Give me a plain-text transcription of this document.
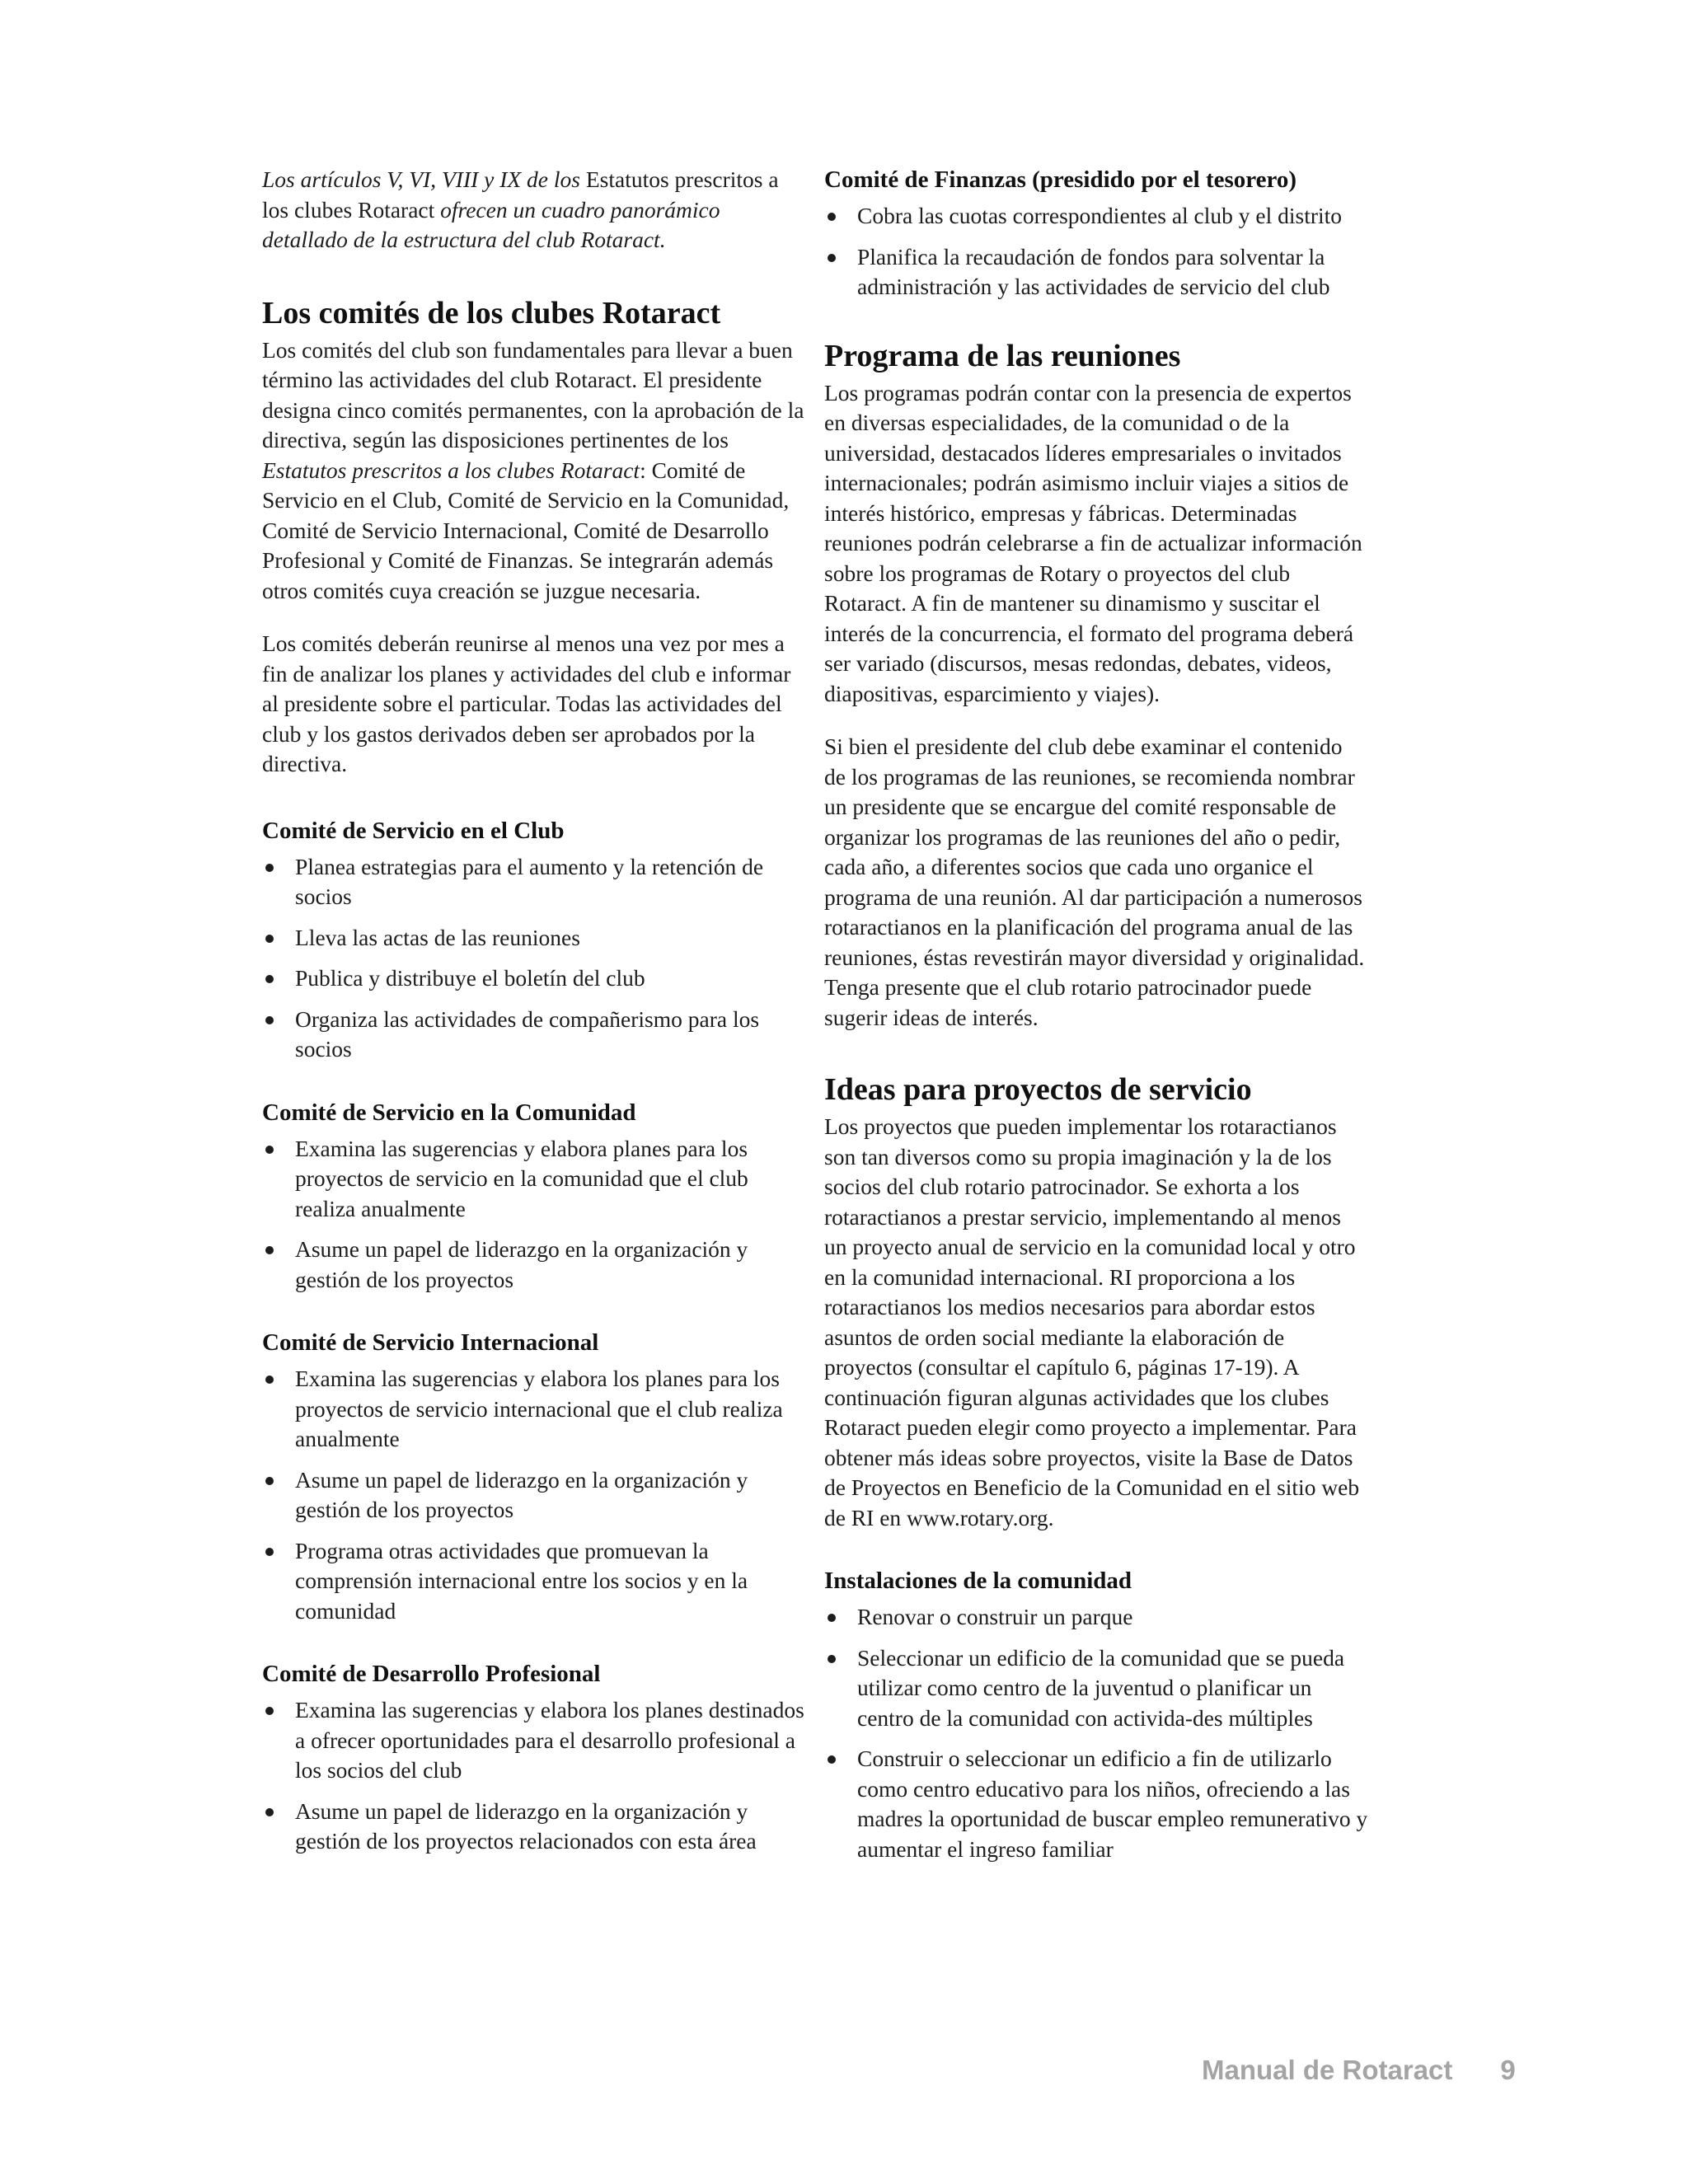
Los artículos V, VI, VIII y IX de los Estatutos prescritos a los clubes Rotaract ofrecen un cuadro panorámico detallado de la estructura del club Rotaract.

Los comités de los clubes Rotaract

Los comités del club son fundamentales para llevar a buen término las actividades del club Rotaract. El presidente designa cinco comités permanentes, con la aprobación de la directiva, según las disposiciones pertinentes de los Estatutos prescritos a los clubes Rotaract: Comité de Servicio en el Club, Comité de Servicio en la Comunidad, Comité de Servicio Internacional, Comité de Desarrollo Profesional y Comité de Finanzas. Se integrarán además otros comités cuya creación se juzgue necesaria.

Los comités deberán reunirse al menos una vez por mes a fin de analizar los planes y actividades del club e informar al presidente sobre el particular. Todas las actividades del club y los gastos derivados deben ser aprobados por la directiva.

Comité de Servicio en el Club
Planea estrategias para el aumento y la retención de socios
Lleva las actas de las reuniones
Publica y distribuye el boletín del club
Organiza las actividades de compañerismo para los socios
Comité de Servicio en la Comunidad
Examina las sugerencias y elabora planes para los proyectos de servicio en la comunidad que el club realiza anualmente
Asume un papel de liderazgo en la organización y gestión de los proyectos
Comité de Servicio Internacional
Examina las sugerencias y elabora los planes para los proyectos de servicio internacional que el club realiza anualmente
Asume un papel de liderazgo en la organización y gestión de los proyectos
Programa otras actividades que promuevan la comprensión internacional entre los socios y en la comunidad
Comité de Desarrollo Profesional
Examina las sugerencias y elabora los planes destinados a ofrecer oportunidades para el desarrollo profesional a los socios del club
Asume un papel de liderazgo en la organización y gestión de los proyectos relacionados con esta área
Comité de Finanzas (presidido por el tesorero)
Cobra las cuotas correspondientes al club y el distrito
Planifica la recaudación de fondos para solventar la administración y las actividades de servicio del club
Programa de las reuniones

Los programas podrán contar con la presencia de expertos en diversas especialidades, de la comunidad o de la universidad, destacados líderes empresariales o invitados internacionales; podrán asimismo incluir viajes a sitios de interés histórico, empresas y fábricas. Determinadas reuniones podrán celebrarse a fin de actualizar información sobre los programas de Rotary o proyectos del club Rotaract. A fin de mantener su dinamismo y suscitar el interés de la concurrencia, el formato del programa deberá ser variado (discursos, mesas redondas, debates, videos, diapositivas, esparcimiento y viajes).

Si bien el presidente del club debe examinar el contenido de los programas de las reuniones, se recomienda nombrar un presidente que se encargue del comité responsable de organizar los programas de las reuniones del año o pedir, cada año, a diferentes socios que cada uno organice el programa de una reunión. Al dar participación a numerosos rotaractianos en la planificación del programa anual de las reuniones, éstas revestirán mayor diversidad y originalidad. Tenga presente que el club rotario patrocinador puede sugerir ideas de interés.

Ideas para proyectos de servicio

Los proyectos que pueden implementar los rotaractianos son tan diversos como su propia imaginación y la de los socios del club rotario patrocinador. Se exhorta a los rotaractianos a prestar servicio, implementando al menos un proyecto anual de servicio en la comunidad local y otro en la comunidad internacional. RI proporciona a los rotaractianos los medios necesarios para abordar estos asuntos de orden social mediante la elaboración de proyectos (consultar el capítulo 6, páginas 17-19). A continuación figuran algunas actividades que los clubes Rotaract pueden elegir como proyecto a implementar. Para obtener más ideas sobre proyectos, visite la Base de Datos de Proyectos en Beneficio de la Comunidad en el sitio web de RI en www.rotary.org.

Instalaciones de la comunidad
Renovar o construir un parque
Seleccionar un edificio de la comunidad que se pueda utilizar como centro de la juventud o planificar un centro de la comunidad con activida-des múltiples
Construir o seleccionar un edificio a fin de utilizarlo como centro educativo para los niños, ofreciendo a las madres la oportunidad de buscar empleo remunerativo y aumentar el ingreso familiar
Manual de Rotaract 9
